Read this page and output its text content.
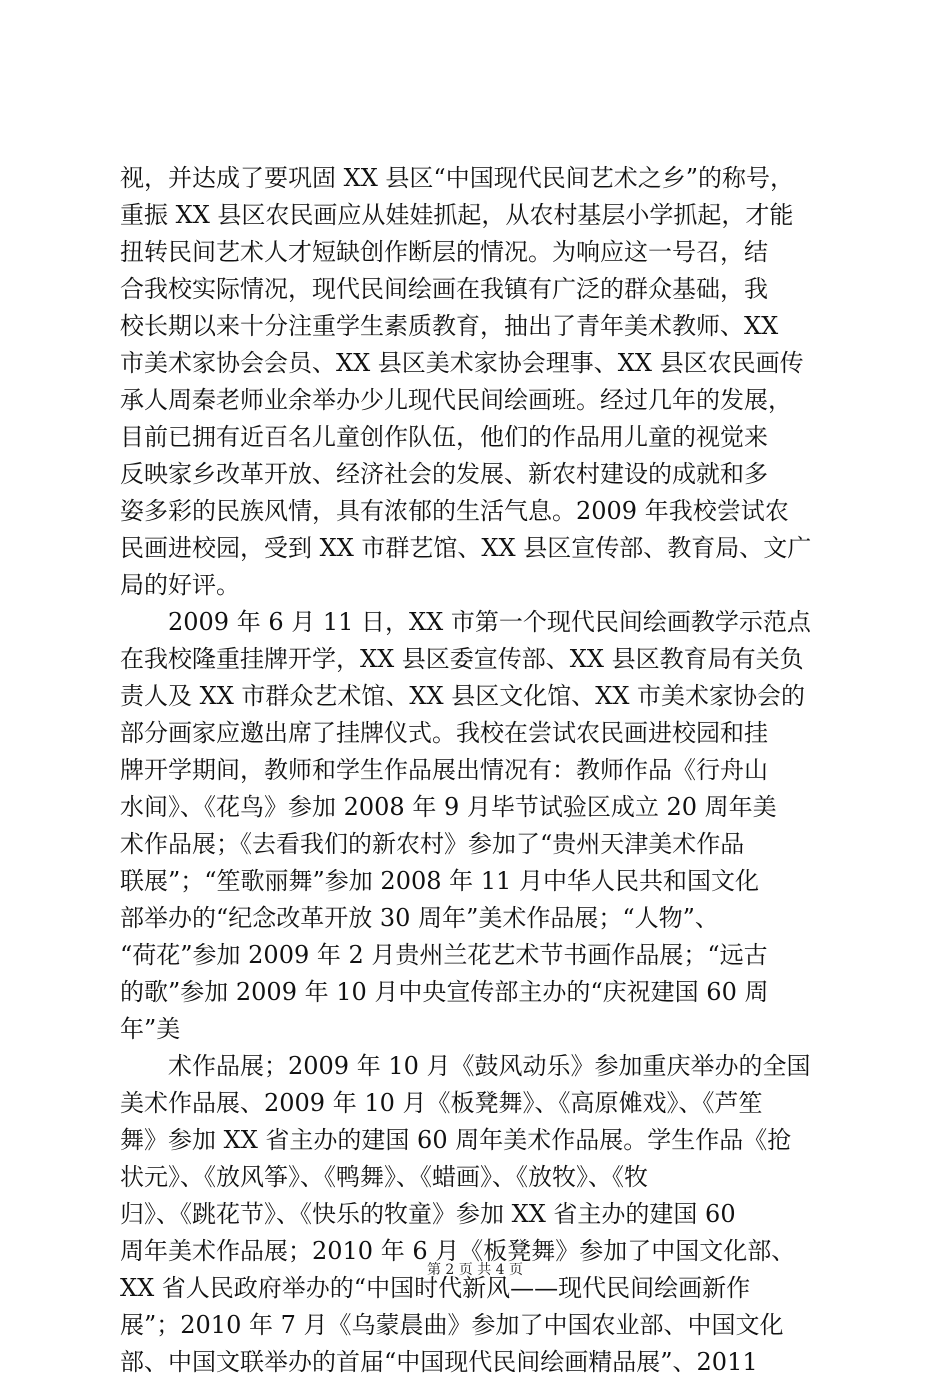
视，并达成了要巩固 XX 县区“中国现代民间艺术之乡”的称号，
重振 XX 县区农民画应从娃娃抓起，从农村基层小学抓起，才能
扭转民间艺术人才短缺创作断层的情况。为响应这一号召，结
合我校实际情况，现代民间绘画在我镇有广泛的群众基础，我
校长期以来十分注重学生素质教育，抽出了青年美术教师、XX
市美术家协会会员、XX 县区美术家协会理事、XX 县区农民画传
承人周秦老师业余举办少儿现代民间绘画班。经过几年的发展，
目前已拥有近百名儿童创作队伍，他们的作品用儿童的视觉来
反映家乡改革开放、经济社会的发展、新农村建设的成就和多
姿多彩的民族风情，具有浓郁的生活气息。2009 年我校尝试农
民画进校园，受到 XX 市群艺馆、XX 县区宣传部、教育局、文广
局的好评。
2009 年 6 月 11 日，XX 市第一个现代民间绘画教学示范点
在我校隆重挂牌开学，XX 县区委宣传部、XX 县区教育局有关负
责人及 XX 市群众艺术馆、XX 县区文化馆、XX 市美术家协会的
部分画家应邀出席了挂牌仪式。我校在尝试农民画进校园和挂
牌开学期间，教师和学生作品展出情况有：教师作品《行舟山
水间》、《花鸟》参加 2008 年 9 月毕节试验区成立 20 周年美
术作品展；《去看我们的新农村》参加了“贵州天津美术作品
联展”；“笙歌丽舞”参加 2008 年 11 月中华人民共和国文化
部举办的“纪念改革开放 30 周年”美术作品展；“人物”、
“荷花”参加 2009 年 2 月贵州兰花艺术节书画作品展；“远古
的歌”参加 2009 年 10 月中央宣传部主办的“庆祝建国 60 周
年”美
术作品展；2009 年 10 月《鼓风动乐》参加重庆举办的全国
美术作品展、2009 年 10 月《板凳舞》、《高原傩戏》、《芦笙
舞》参加 XX 省主办的建国 60 周年美术作品展。学生作品《抢
状元》、《放风筝》、《鸭舞》、《蜡画》、《放牧》、《牧
归》、《跳花节》、《快乐的牧童》参加 XX 省主办的建国 60
周年美术作品展；2010 年 6 月《板凳舞》参加了中国文化部、
XX 省人民政府举办的“中国时代新风——现代民间绘画新作
展”；2010 年 7 月《乌蒙晨曲》参加了中国农业部、中国文化
部、中国文联举办的首届“中国现代民间绘画精品展”、2011
第 2 页 共 4 页
